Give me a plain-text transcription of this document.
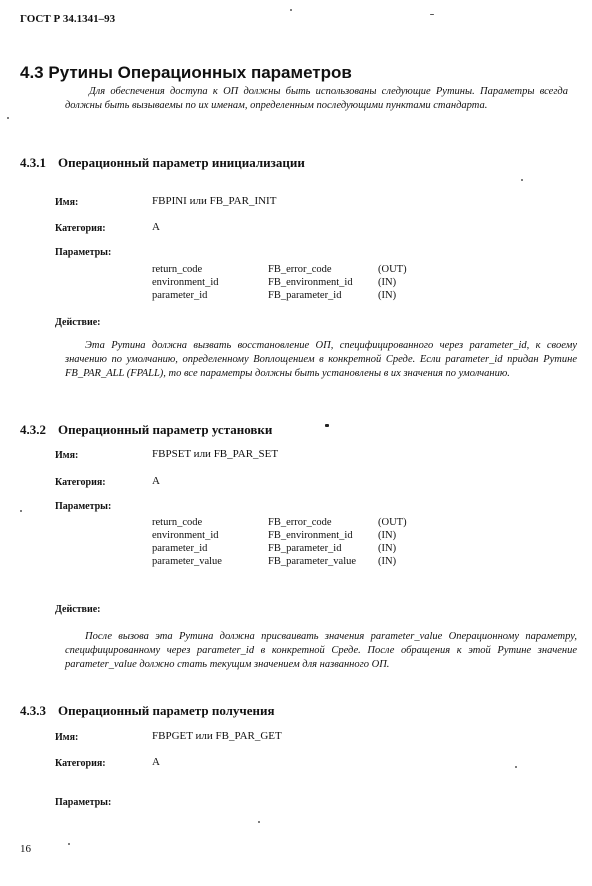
ГОСТ Р 34.1341–93
4.3 Рутины Операционных параметров
Для обеспечения доступа к ОП должны быть использованы следующие Рутины. Параметры всегда должны быть вызываемы по их именам, определенным последующими пунктами стандарта.
4.3.1 Операционный параметр инициализации
Имя:	FBPINI или FB_PAR_INIT
Категория:	A
Параметры:
return_code	FB_error_code	(OUT)
environment_id	FB_environment_id (IN)
parameter_id	FB_parameter_id	(IN)
Действие:
Эта Рутина должна вызвать восстановление ОП, специфицированного через parameter_id, к своему значению по умолчанию, определенному Воплощением в конкретной Среде. Если parameter_id придан Рутине FB_PAR_ALL (FPALL), то все параметры должны быть установлены в их значения по умолчанию.
4.3.2 Операционный параметр установки
Имя:	FBPSET или FB_PAR_SET
Категория:	A
Параметры:
return_code	FB_error_code	(OUT)
environment_id	FB_environment_id (IN)
parameter_id	FB_parameter_id	(IN)
parameter_value	FB_parameter_value (IN)
Действие:
После вызова эта Рутина должна присваивать значения parameter_value Операционному параметру, специфицированному через parameter_id в конкретной Среде. После обращения к этой Рутине значение parameter_value должно стать текущим значением для названного ОП.
4.3.3 Операционный параметр получения
Имя:	FBPGET или FB_PAR_GET
Категория:	A
Параметры:
16
